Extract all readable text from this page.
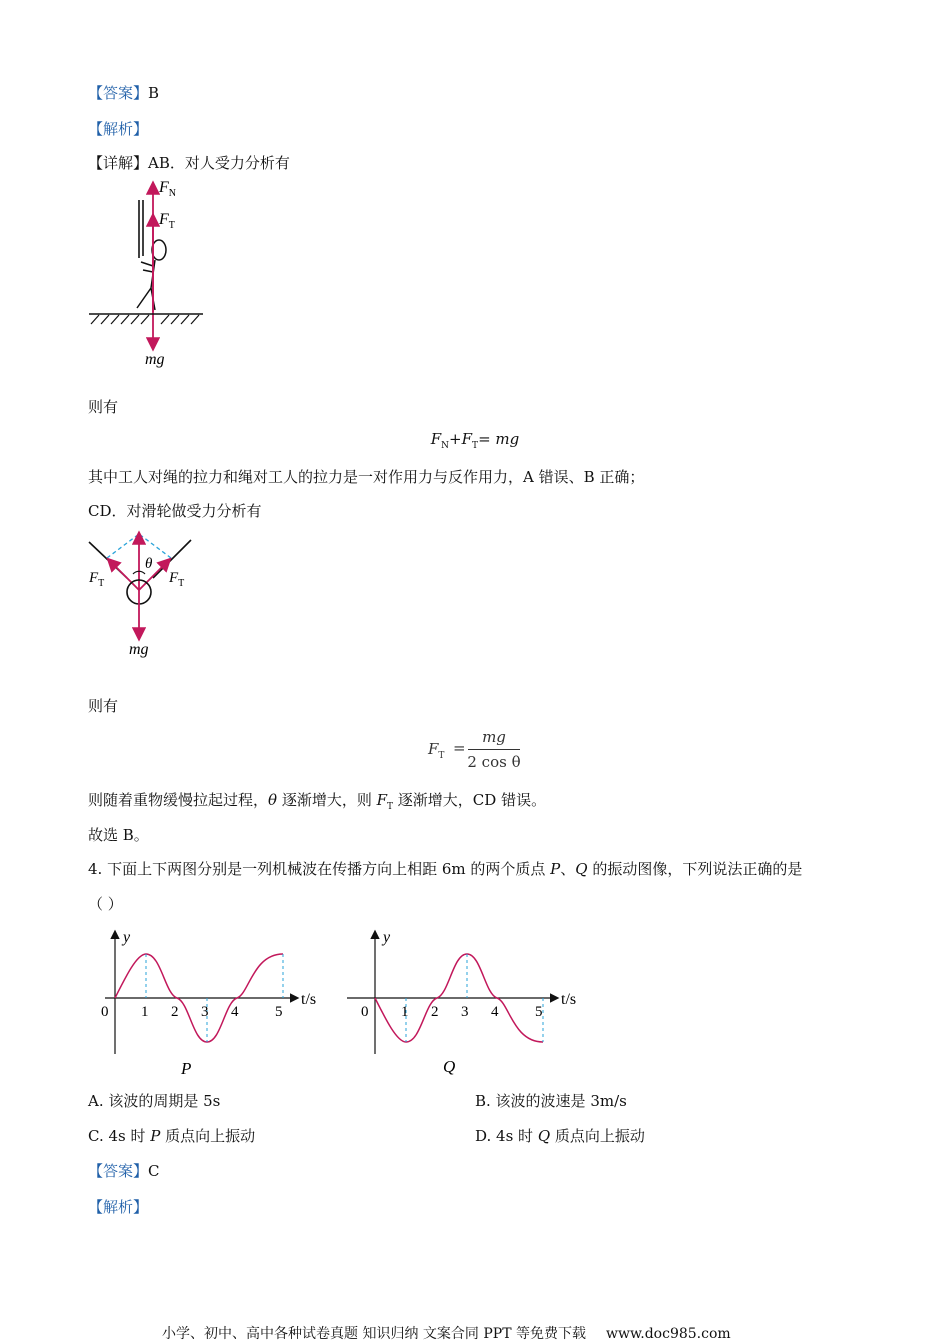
【答案】B
【解析】
【详解】AB．对人受力分析有
$F_N$
$F_T$
mg
则有
$F_N+F_T=$ mg
其中工人对绳的拉力和绳对工人的拉力是一对作用力与反作用力，A 错误、B 正确；
CD．对滑轮做受力分析有
θ
$F_T$	$F_T$
mg
则有
$F_T$ =
mg
2 cos θ
则随着重物缓慢拉起过程，θ 逐渐增大，则 $F_T$ 逐渐增大，CD 错误。
故选 B。
4. 下面上下两图分别是一列机械波在传播方向上相距 6m 的两个质点 P、Q 的振动图像，下列说法正确的是
（ ）
y
t/s
0 1 2 3 4 5
P
y
t/s
0 1 2 3 4 5
Q
A. 该波的周期是 5s	B. 该波的波速是 3m/s
C. 4s 时 P 质点向上振动	D. 4s 时 Q 质点向上振动
【答案】C
【解析】
小学、初中、高中各种试卷真题 知识归纳 文案合同 PPT 等免费下载 www.doc985.com
